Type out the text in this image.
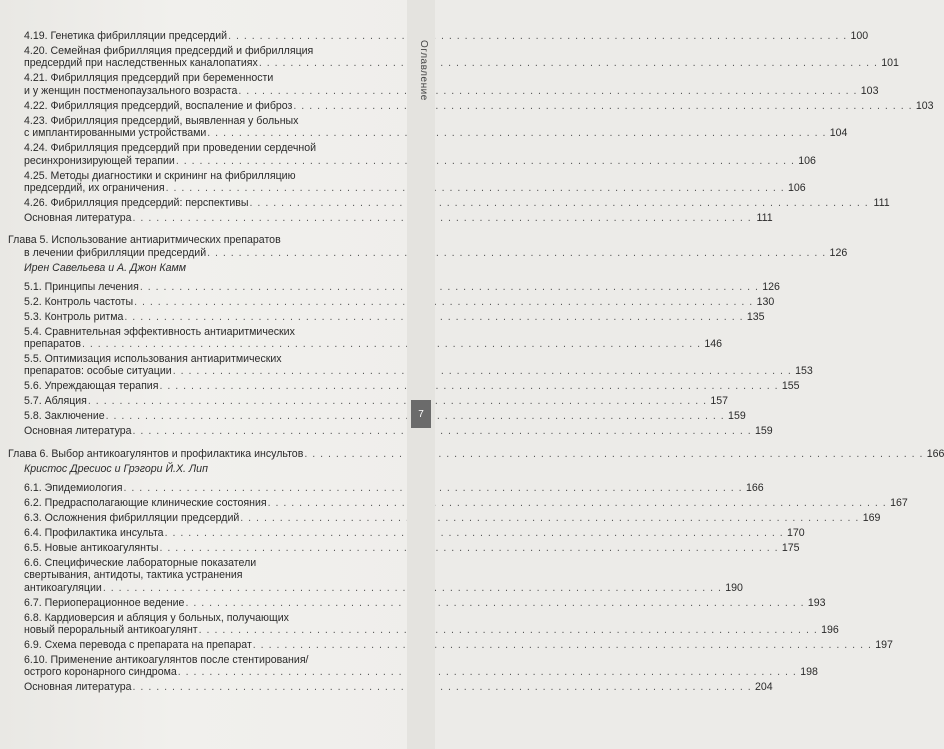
4.19. Генетика фибрилляции предсердий . . .	100
4.20. Семейная фибрилляция предсердий и фибрилляция
предсердий при наследственных каналопатиях . . .	101
4.21. Фибрилляция предсердий при беременности
и у женщин постменопаузального возраста . . .	103
4.22. Фибрилляция предсердий, воспаление и фиброз . . .	103
4.23. Фибрилляция предсердий, выявленная у больных
с имплантированными устройствами . . .	104
4.24. Фибрилляция предсердий при проведении сердечной
ресинхронизирующей терапии . . .	106
4.25. Методы диагностики и скрининг на фибрилляцию
предсердий, их ограничения . . .	106
4.26. Фибрилляция предсердий: перспективы . . .	111
Основная литература . . .	111
Глава 5. Использование антиаритмических препаратов
в лечении фибрилляции предсердий . . .	126
Ирен Савельева и А. Джон Камм
5.1. Принципы лечения . . .	126
5.2. Контроль частоты . . .	130
5.3. Контроль ритма . . .	135
5.4. Сравнительная эффективность антиаритмических
препаратов . . .	146
5.5. Оптимизация использования антиаритмических
препаратов: особые ситуации . . .	153
5.6. Упреждающая терапия . . .	155
5.7. Абляция . . .	157
5.8. Заключение . . .	159
Основная литература . . .	159
Глава 6. Выбор антикоагулянтов и профилактика инсультов . . .	166
Кристос Дресиос и Грэгори Й.Х. Лип
6.1. Эпидемиология . . .	166
6.2. Предрасполагающие клинические состояния . . .	167
6.3. Осложнения фибрилляции предсердий . . .	169
6.4. Профилактика инсульта . . .	170
6.5. Новые антикоагулянты . . .	175
6.6. Специфические лабораторные показатели
свертывания, антидоты, тактика устранения
антикоагуляции . . .	190
6.7. Периоперационное ведение . . .	193
6.8. Кардиоверсия и абляция у больных, получающих
новый пероральный антикоагулянт . . .	196
6.9. Схема перевода с препарата на препарат . . .	197
6.10. Применение антикоагулянтов после стентирования/
острого коронарного синдрома . . .	198
Основная литература . . .	204
Оглавление
7
